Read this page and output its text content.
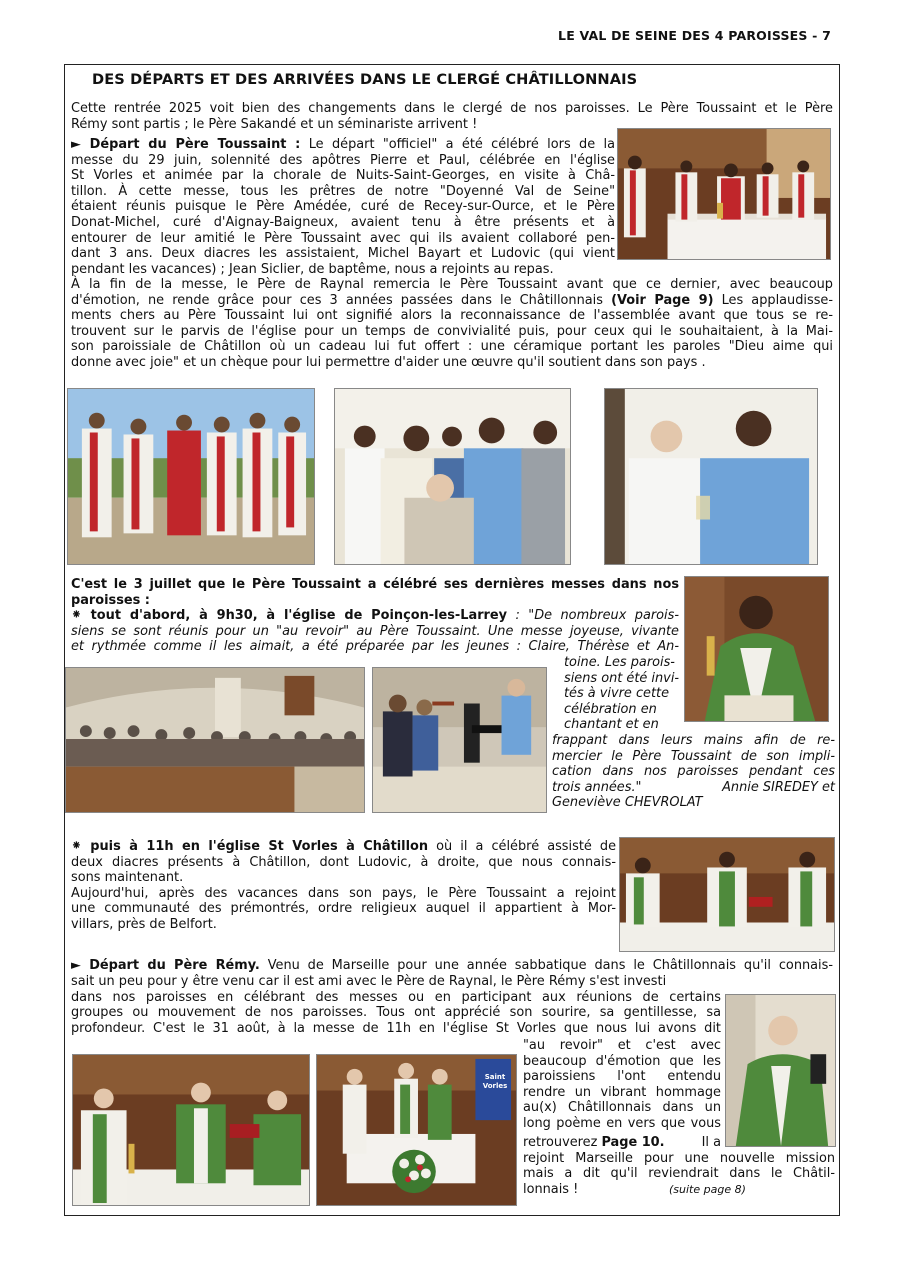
LE VAL DE SEINE DES 4 PAROISSES - 7
DES DÉPARTS ET DES ARRIVÉES DANS LE CLERGÉ CHÂTILLONNAIS
Cette rentrée 2025 voit bien des changements dans le clergé de nos paroisses. Le Père Toussaint et le Père
Rémy sont partis ; le Père Sakandé et un séminariste arrivent !
► Départ du Père Toussaint : Le départ "officiel" a été célébré lors de la
messe du 29 juin, solennité des apôtres Pierre et Paul, célébrée en l'église
St Vorles et animée par la chorale de Nuits-Saint-Georges, en visite à Châ-
tillon. À cette messe, tous les prêtres de notre "Doyenné Val de Seine"
étaient réunis puisque le Père Amédée, curé de Recey-sur-Ource, et le Père
Donat-Michel, curé d'Aignay-Baigneux, avaient tenu à être présents et à
entourer de leur amitié le Père Toussaint avec qui ils avaient collaboré pen-
dant 3 ans. Deux diacres les assistaient, Michel Bayart et Ludovic (qui vient
pendant les vacances) ; Jean Siclier, de baptême, nous a rejoints au repas.
À la fin de la messe, le Père de Raynal remercia le Père Toussaint avant que ce dernier, avec beaucoup
d'émotion, ne rende grâce pour ces 3 années passées dans le Châtillonnais (Voir Page 9) Les applaudisse-
ments chers au Père Toussaint lui ont signifié alors la reconnaissance de l'assemblée avant que tous se re-
trouvent sur le parvis de l'église pour un temps de convivialité puis, pour ceux qui le souhaitaient, à la Mai-
son paroissiale de Châtillon où un cadeau lui fut offert : une céramique portant les paroles "Dieu aime qui
donne avec joie" et un chèque pour lui permettre d'aider une œuvre qu'il soutient dans son pays .
C'est le 3 juillet que le Père Toussaint a célébré ses dernières messes dans nos
paroisses :
⁕ tout d'abord, à 9h30, à l'église de Poinçon-les-Larrey : "De nombreux parois-
siens se sont réunis pour un "au revoir" au Père Toussaint. Une messe joyeuse, vivante
et rythmée comme il les aimait, a été préparée par les jeunes : Claire, Thérèse et An-
toine. Les parois-
siens ont été invi-
tés à vivre cette
célébration en
chantant et en
frappant dans leurs mains afin de re-
mercier le Père Toussaint de son impli-
cation dans nos paroisses pendant ces
trois années."	Annie SIREDEY et
Geneviève CHEVROLAT
⁕ puis à 11h en l'église St Vorles à Châtillon où il a célébré assisté de
deux diacres présents à Châtillon, dont Ludovic, à droite, que nous connais-
sons maintenant.
Aujourd'hui, après des vacances dans son pays, le Père Toussaint a rejoint
une communauté des prémontrés, ordre religieux auquel il appartient à Mor-
villars, près de Belfort.
► Départ du Père Rémy. Venu de Marseille pour une année sabbatique dans le Châtillonnais qu'il connais-
sait un peu pour y être venu car il est ami avec le Père de Raynal, le Père Rémy s'est investi
dans nos paroisses en célébrant des messes ou en participant aux réunions de certains
groupes ou mouvement de nos paroisses. Tous ont apprécié son sourire, sa gentillesse, sa
profondeur. C'est le 31 août, à la messe de 11h en l'église St Vorles que nous lui avons dit
"au revoir" et c'est avec
beaucoup d'émotion que les
paroissiens l'ont entendu
rendre un vibrant hommage
au(x) Châtillonnais dans un
long poème en vers que vous
retrouverez Page 10.	Il a
rejoint Marseille pour une nouvelle mission
mais a dit qu'il reviendrait dans le Châtil-
lonnais !	(suite page 8)
Saint
Vorles
